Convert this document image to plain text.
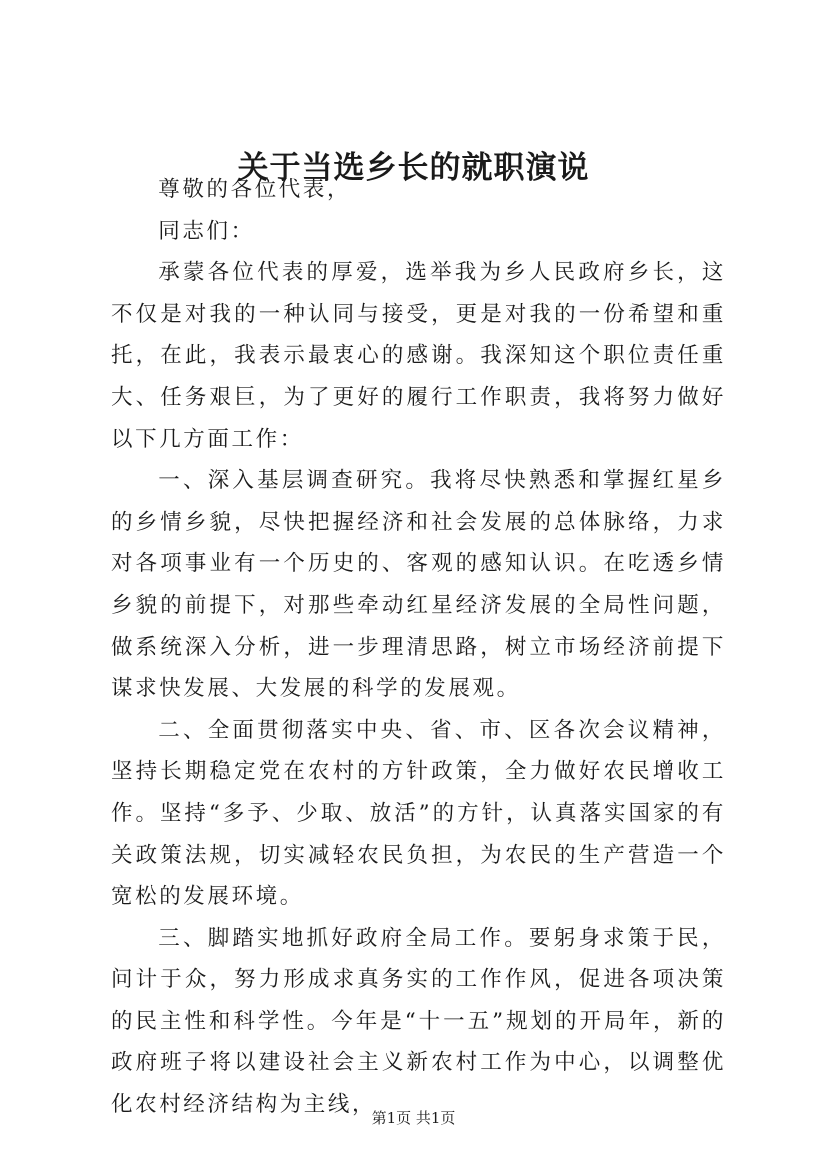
关于当选乡长的就职演说

尊敬的各位代表，

同志们：

承蒙各位代表的厚爱，选举我为乡人民政府乡长，这不仅是对我的一种认同与接受，更是对我的一份希望和重托，在此，我表示最衷心的感谢。我深知这个职位责任重大、任务艰巨，为了更好的履行工作职责，我将努力做好以下几方面工作：

一、深入基层调查研究。我将尽快熟悉和掌握红星乡的乡情乡貌，尽快把握经济和社会发展的总体脉络，力求对各项事业有一个历史的、客观的感知认识。在吃透乡情乡貌的前提下，对那些牵动红星经济发展的全局性问题，做系统深入分析，进一步理清思路，树立市场经济前提下谋求快发展、大发展的科学的发展观。

二、全面贯彻落实中央、省、市、区各次会议精神，坚持长期稳定党在农村的方针政策，全力做好农民增收工作。坚持“多予、少取、放活”的方针，认真落实国家的有关政策法规，切实减轻农民负担，为农民的生产营造一个宽松的发展环境。

三、脚踏实地抓好政府全局工作。要躬身求策于民，问计于众，努力形成求真务实的工作作风，促进各项决策的民主性和科学性。今年是“十一五”规划的开局年，新的政府班子将以建设社会主义新农村工作为中心，以调整优化农村经济结构为主线，

第1页 共1页
